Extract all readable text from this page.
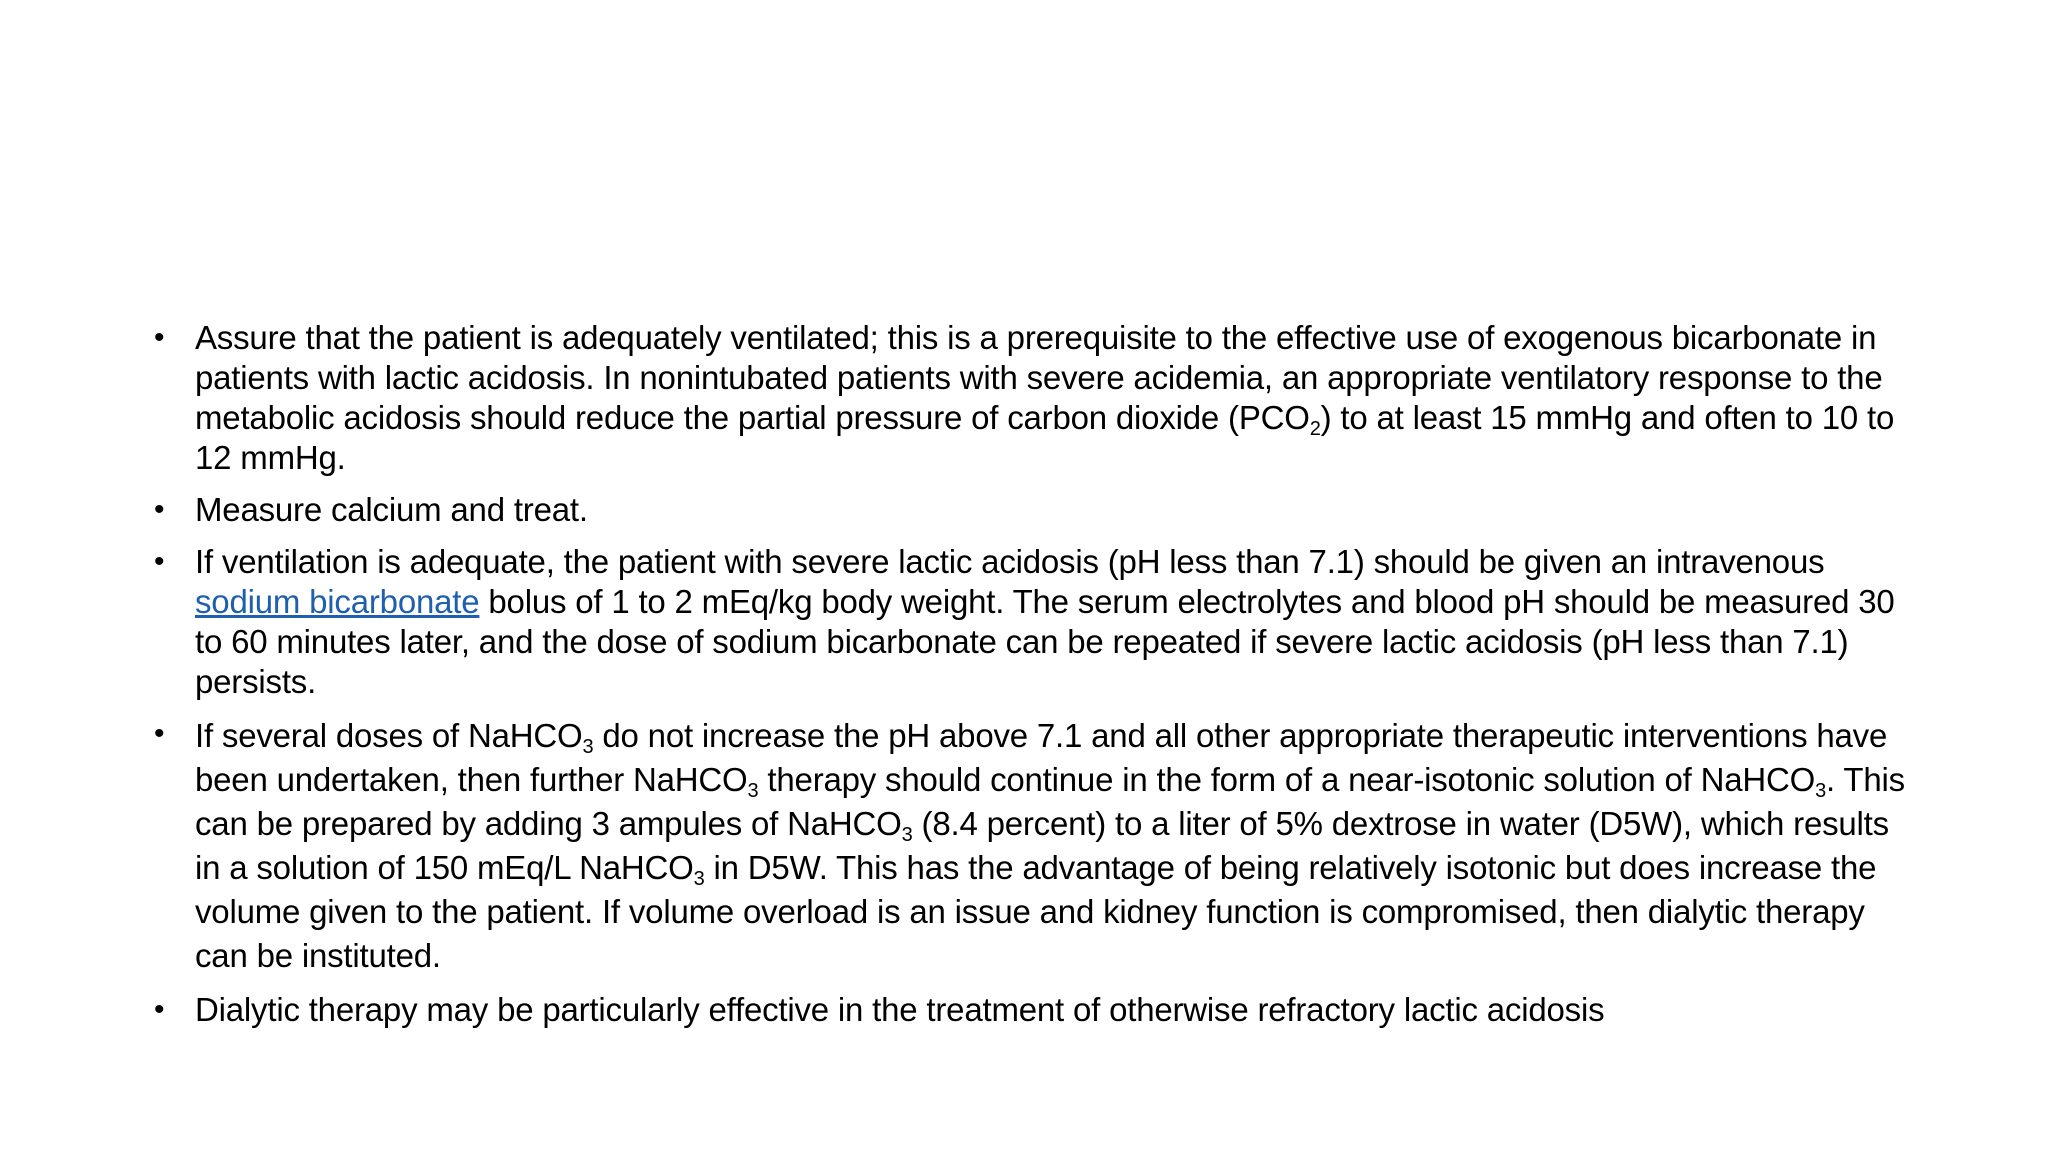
• Assure that the patient is adequately ventilated; this is a prerequisite to the effective use of exogenous bicarbonate in patients with lactic acidosis. In nonintubated patients with severe acidemia, an appropriate ventilatory response to the metabolic acidosis should reduce the partial pressure of carbon dioxide $(PCO_2)$ to at least 15 mmHg and often to 10 to 12 mmHg.
• Measure calcium and treat.
• If ventilation is adequate, the patient with severe lactic acidosis (pH less than 7.1) should be given an intravenous sodium bicarbonate bolus of 1 to 2 mEq/kg body weight. The serum electrolytes and blood pH should be measured 30 to 60 minutes later, and the dose of sodium bicarbonate can be repeated if severe lactic acidosis (pH less than 7.1) persists.
• If several doses of NaHCO$_3$ do not increase the pH above 7.1 and all other appropriate therapeutic interventions have been undertaken, then further NaHCO$_3$ therapy should continue in the form of a near-isotonic solution of NaHCO$_3$. This can be prepared by adding 3 ampules of NaHCO$_3$ (8.4 percent) to a liter of 5% dextrose in water (D5W), which results in a solution of 150 mEq/L NaHCO$_3$ in D5W. This has the advantage of being relatively isotonic but does increase the volume given to the patient. If volume overload is an issue and kidney function is compromised, then dialytic therapy can be instituted.
• Dialytic therapy may be particularly effective in the treatment of otherwise refractory lactic acidosis
